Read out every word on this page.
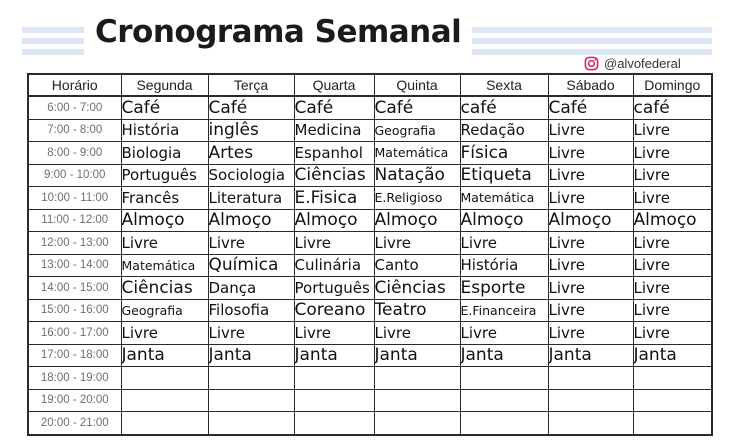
Cronograma Semanal
@alvofederal
Horário	Segunda	Terça	Quarta	Quinta	Sexta	Sábado	Domingo
6:00 - 7:00	Café	Café	Café	Café	café	Café	café
7:00 - 8:00	História	inglês	Medicina	Geografia	Redação	Livre	Livre
8:00 - 9:00	Biologia	Artes	Espanhol	Matemática	Física	Livre	Livre
9:00 - 10:00	Português	Sociologia	Ciências	Natação	Etiqueta	Livre	Livre
10:00 - 11:00	Francês	Literatura	E.Fisica	E.Religioso	Matemática	Livre	Livre
11:00 - 12:00	Almoço	Almoço	Almoço	Almoço	Almoço	Almoço	Almoço
12:00 - 13:00	Livre	Livre	Livre	Livre	Livre	Livre	Livre
13:00 - 14:00	Matemática	Química	Culinária	Canto	História	Livre	Livre
14:00 - 15:00	Ciências	Dança	Português	Ciências	Esporte	Livre	Livre
15:00 - 16:00	Geografia	Filosofia	Coreano	Teatro	E.Financeira	Livre	Livre
16:00 - 17:00	Livre	Livre	Livre	Livre	Livre	Livre	Livre
17:00 - 18:00	Janta	Janta	Janta	Janta	Janta	Janta	Janta
18:00 - 19:00							
19:00 - 20:00							
20:00 - 21:00							
